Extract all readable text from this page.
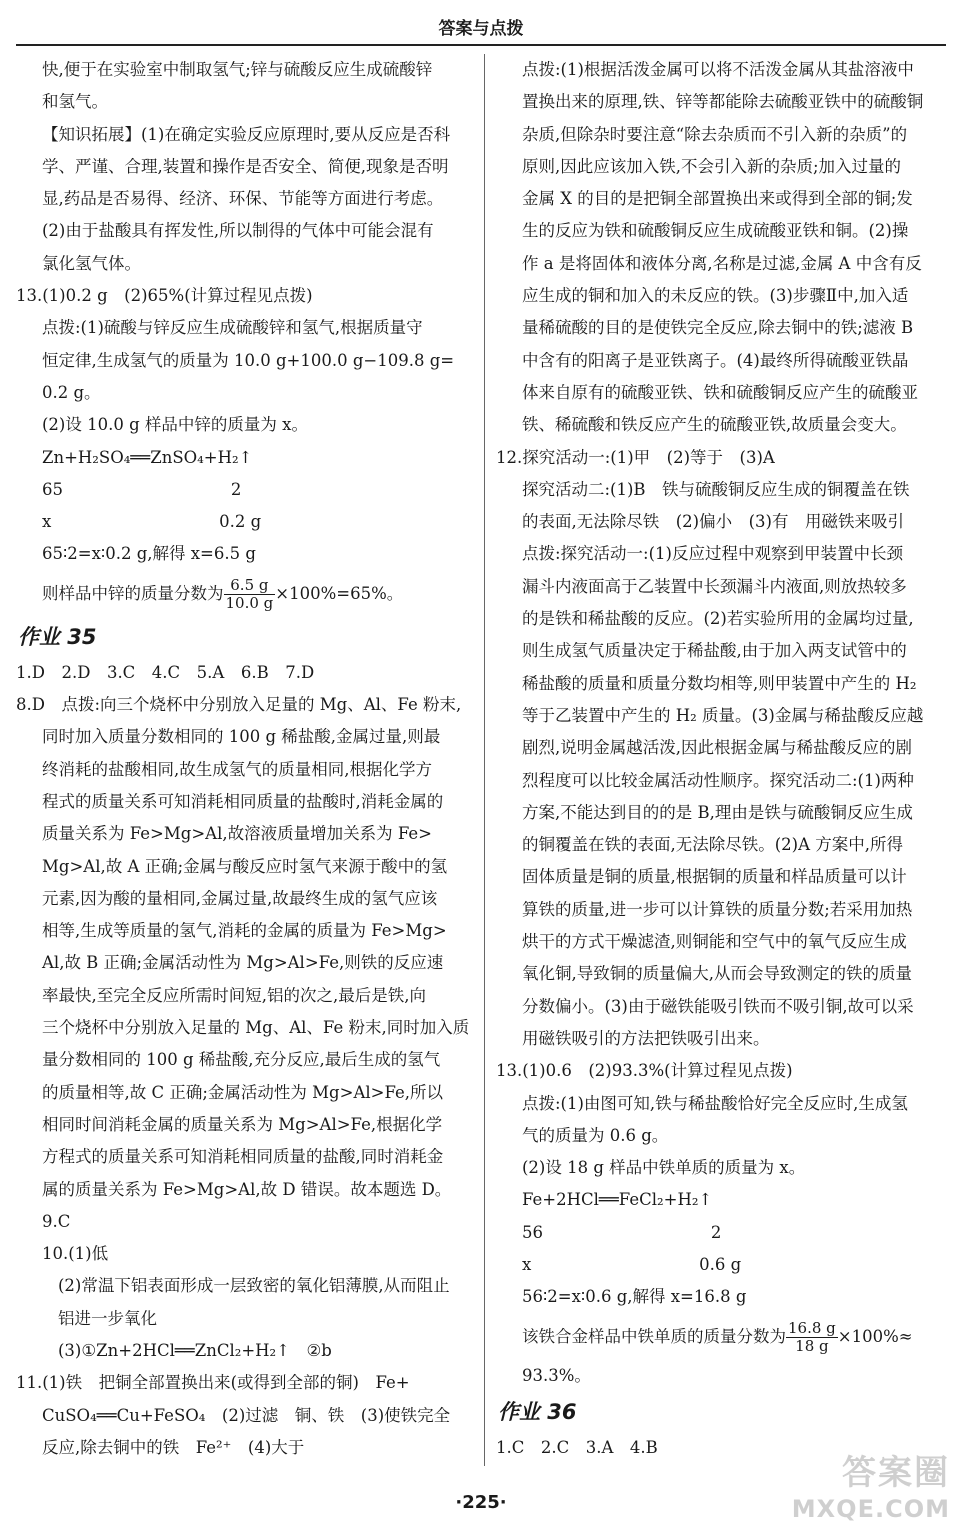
答案与点拨
快,便于在实验室中制取氢气;锌与硫酸反应生成硫酸锌
和氢气。
【知识拓展】(1)在确定实验反应原理时,要从反应是否科
学、严谨、合理,装置和操作是否安全、简便,现象是否明
显,药品是否易得、经济、环保、节能等方面进行考虑。
(2)由于盐酸具有挥发性,所以制得的气体中可能会混有
氯化氢气体。
13.(1)0.2 g　(2)65%(计算过程见点拨)
点拨:(1)硫酸与锌反应生成硫酸锌和氢气,根据质量守
恒定律,生成氢气的质量为 10.0 g+100.0 g−109.8 g=
0.2 g。
(2)设 10.0 g 样品中锌的质量为 x。
Zn+H₂SO₄══ZnSO₄+H₂↑
65                                2
x                                0.2 g
65∶2=x∶0.2 g,解得 x=6.5 g
则样品中锌的质量分数为 $\frac{6.5 g}{10.0 g} \times 100\%=65\%$。
作业 35
1.D　2.D　3.C　4.C　5.A　6.B　7.D
8.D　点拨:向三个烧杯中分别放入足量的 Mg、Al、Fe 粉末,
同时加入质量分数相同的 100 g 稀盐酸,金属过量,则最
终消耗的盐酸相同,故生成氢气的质量相同,根据化学方
程式的质量关系可知消耗相同质量的盐酸时,消耗金属的
质量关系为 Fe>Mg>Al,故溶液质量增加关系为 Fe>
Mg>Al,故 A 正确;金属与酸反应时氢气来源于酸中的氢
元素,因为酸的量相同,金属过量,故最终生成的氢气应该
相等,生成等质量的氢气,消耗的金属的质量为 Fe>Mg>
Al,故 B 正确;金属活动性为 Mg>Al>Fe,则铁的反应速
率最快,至完全反应所需时间短,铝的次之,最后是铁,向
三个烧杯中分别放入足量的 Mg、Al、Fe 粉末,同时加入质
量分数相同的 100 g 稀盐酸,充分反应,最后生成的氢气
的质量相等,故 C 正确;金属活动性为 Mg>Al>Fe,所以
相同时间消耗金属的质量关系为 Mg>Al>Fe,根据化学
方程式的质量关系可知消耗相同质量的盐酸,同时消耗金
属的质量关系为 Fe>Mg>Al,故 D 错误。故本题选 D。
9.C
10.(1)低
(2)常温下铝表面形成一层致密的氧化铝薄膜,从而阻止
铝进一步氧化
(3)①Zn+2HCl══ZnCl₂+H₂↑　②b
11.(1)铁　把铜全部置换出来(或得到全部的铜)　Fe+
CuSO₄══Cu+FeSO₄　(2)过滤　铜、铁　(3)使铁完全
反应,除去铜中的铁　Fe²⁺　(4)大于
点拨:(1)根据活泼金属可以将不活泼金属从其盐溶液中
置换出来的原理,铁、锌等都能除去硫酸亚铁中的硫酸铜
杂质,但除杂时要注意“除去杂质而不引入新的杂质”的
原则,因此应该加入铁,不会引入新的杂质;加入过量的
金属 X 的目的是把铜全部置换出来或得到全部的铜;发
生的反应为铁和硫酸铜反应生成硫酸亚铁和铜。(2)操
作 a 是将固体和液体分离,名称是过滤,金属 A 中含有反
应生成的铜和加入的未反应的铁。(3)步骤Ⅱ中,加入适
量稀硫酸的目的是使铁完全反应,除去铜中的铁;滤液 B
中含有的阳离子是亚铁离子。(4)最终所得硫酸亚铁晶
体来自原有的硫酸亚铁、铁和硫酸铜反应产生的硫酸亚
铁、稀硫酸和铁反应产生的硫酸亚铁,故质量会变大。
12.探究活动一:(1)甲　(2)等于　(3)A
探究活动二:(1)B　铁与硫酸铜反应生成的铜覆盖在铁
的表面,无法除尽铁　(2)偏小　(3)有　用磁铁来吸引
点拨:探究活动一:(1)反应过程中观察到甲装置中长颈
漏斗内液面高于乙装置中长颈漏斗内液面,则放热较多
的是铁和稀盐酸的反应。(2)若实验所用的金属均过量,
则生成氢气质量决定于稀盐酸,由于加入两支试管中的
稀盐酸的质量和质量分数均相等,则甲装置中产生的 H₂
等于乙装置中产生的 H₂ 质量。(3)金属与稀盐酸反应越
剧烈,说明金属越活泼,因此根据金属与稀盐酸反应的剧
烈程度可以比较金属活动性顺序。探究活动二:(1)两种
方案,不能达到目的的是 B,理由是铁与硫酸铜反应生成
的铜覆盖在铁的表面,无法除尽铁。(2)A 方案中,所得
固体质量是铜的质量,根据铜的质量和样品质量可以计
算铁的质量,进一步可以计算铁的质量分数;若采用加热
烘干的方式干燥滤渣,则铜能和空气中的氧气反应生成
氧化铜,导致铜的质量偏大,从而会导致测定的铁的质量
分数偏小。(3)由于磁铁能吸引铁而不吸引铜,故可以采
用磁铁吸引的方法把铁吸引出来。
13.(1)0.6　(2)93.3%(计算过程见点拨)
点拨:(1)由图可知,铁与稀盐酸恰好完全反应时,生成氢
气的质量为 0.6 g。
(2)设 18 g 样品中铁单质的质量为 x。
Fe+2HCl══FeCl₂+H₂↑
56                                2
x                                0.6 g
56∶2=x∶0.6 g,解得 x=16.8 g
该铁合金样品中铁单质的质量分数为 $\frac{16.8 g}{18 g} \times 100\%\approx$
93.3%。
作业 36
1.C　2.C　3.A　4.B
·225·
答案圈
MXQE.COM
